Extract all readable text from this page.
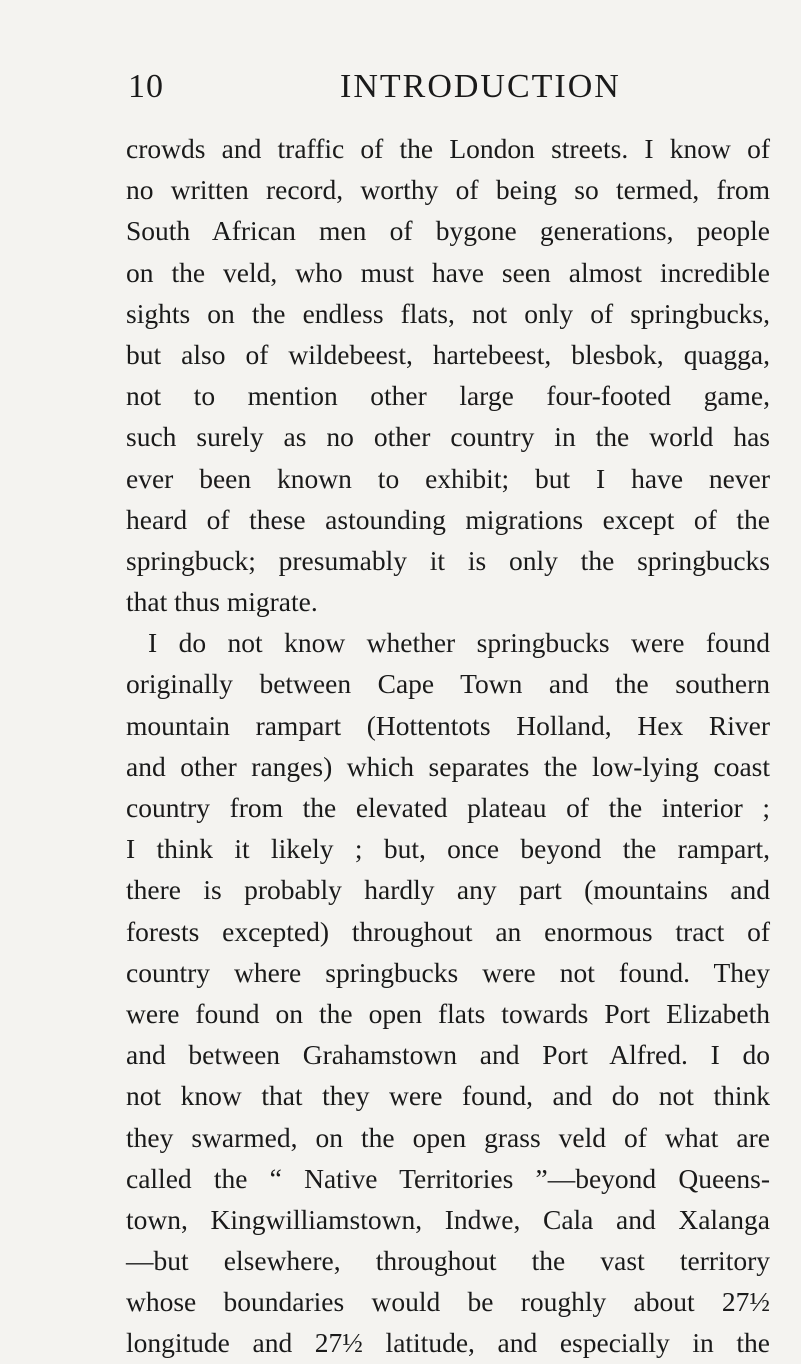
10	INTRODUCTION
crowds and traffic of the London streets. I know of
no written record, worthy of being so termed, from
South African men of bygone generations, people
on the veld, who must have seen almost incredible
sights on the endless flats, not only of springbucks,
but also of wildebeest, hartebeest, blesbok, quagga,
not to mention other large four-footed game,
such surely as no other country in the world has
ever been known to exhibit; but I have never
heard of these astounding migrations except of the
springbuck; presumably it is only the springbucks
that thus migrate.
I do not know whether springbucks were found
originally between Cape Town and the southern
mountain rampart (Hottentots Holland, Hex River
and other ranges) which separates the low-lying coast
country from the elevated plateau of the interior ;
I think it likely ; but, once beyond the rampart,
there is probably hardly any part (mountains and
forests excepted) throughout an enormous tract of
country where springbucks were not found. They
were found on the open flats towards Port Elizabeth
and between Grahamstown and Port Alfred. I do
not know that they were found, and do not think
they swarmed, on the open grass veld of what are
called the “ Native Territories ”—beyond Queens-
town, Kingwilliamstown, Indwe, Cala and Xalanga
—but elsewhere, throughout the vast territory
whose boundaries would be roughly about 27½
longitude and 27½ latitude, and especially in the
